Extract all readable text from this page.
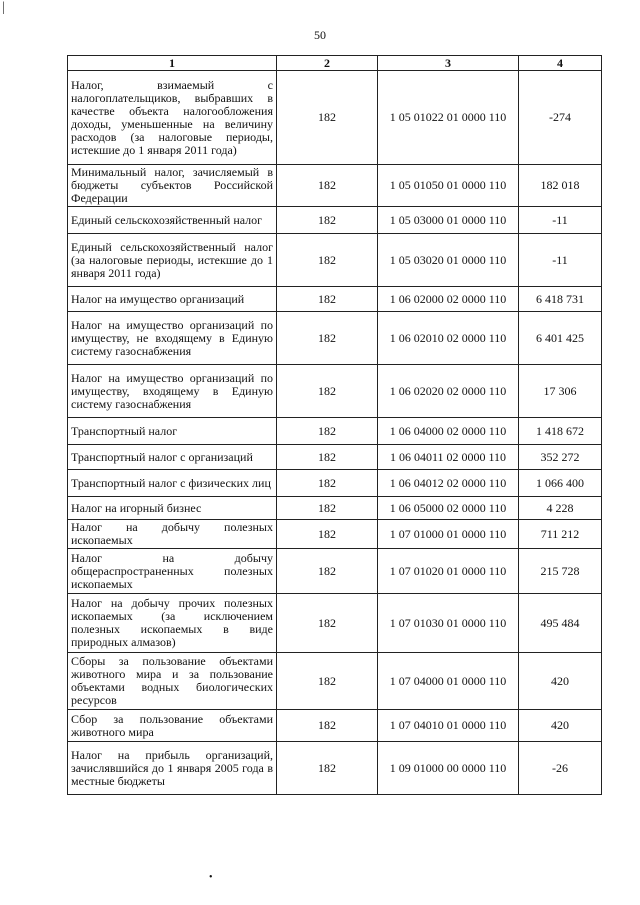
|
50
1	2	3	4
Налог, взимаемый с налогоплательщиков, выбравших в качестве объекта налогообложения доходы, уменьшенные на величину расходов (за налоговые периоды, истекшие до 1 января 2011 года)	182	1 05 01022 01 0000 110	-274
Минимальный налог, зачисляемый в бюджеты субъектов Российской Федерации	182	1 05 01050 01 0000 110	182 018
Единый сельскохозяйственный налог	182	1 05 03000 01 0000 110	-11
Единый сельскохозяйственный налог (за налоговые периоды, истекшие до 1 января 2011 года)	182	1 05 03020 01 0000 110	-11
Налог на имущество организаций	182	1 06 02000 02 0000 110	6 418 731
Налог на имущество организаций по имуществу, не входящему в Единую систему газоснабжения	182	1 06 02010 02 0000 110	6 401 425
Налог на имущество организаций по имуществу, входящему в Единую систему газоснабжения	182	1 06 02020 02 0000 110	17 306
Транспортный налог	182	1 06 04000 02 0000 110	1 418 672
Транспортный налог с организаций	182	1 06 04011 02 0000 110	352 272
Транспортный налог с физических лиц	182	1 06 04012 02 0000 110	1 066 400
Налог на игорный бизнес	182	1 06 05000 02 0000 110	4 228
Налог на добычу полезных ископаемых	182	1 07 01000 01 0000 110	711 212
Налог на добычу общераспространенных полезных ископаемых	182	1 07 01020 01 0000 110	215 728
Налог на добычу прочих полезных ископаемых (за исключением полезных ископаемых в виде природных алмазов)	182	1 07 01030 01 0000 110	495 484
Сборы за пользование объектами животного мира и за пользование объектами водных биологических ресурсов	182	1 07 04000 01 0000 110	420
Сбор за пользование объектами животного мира	182	1 07 04010 01 0000 110	420
Налог на прибыль организаций, зачислявшийся до 1 января 2005 года в местные бюджеты	182	1 09 01000 00 0000 110	-26
•
